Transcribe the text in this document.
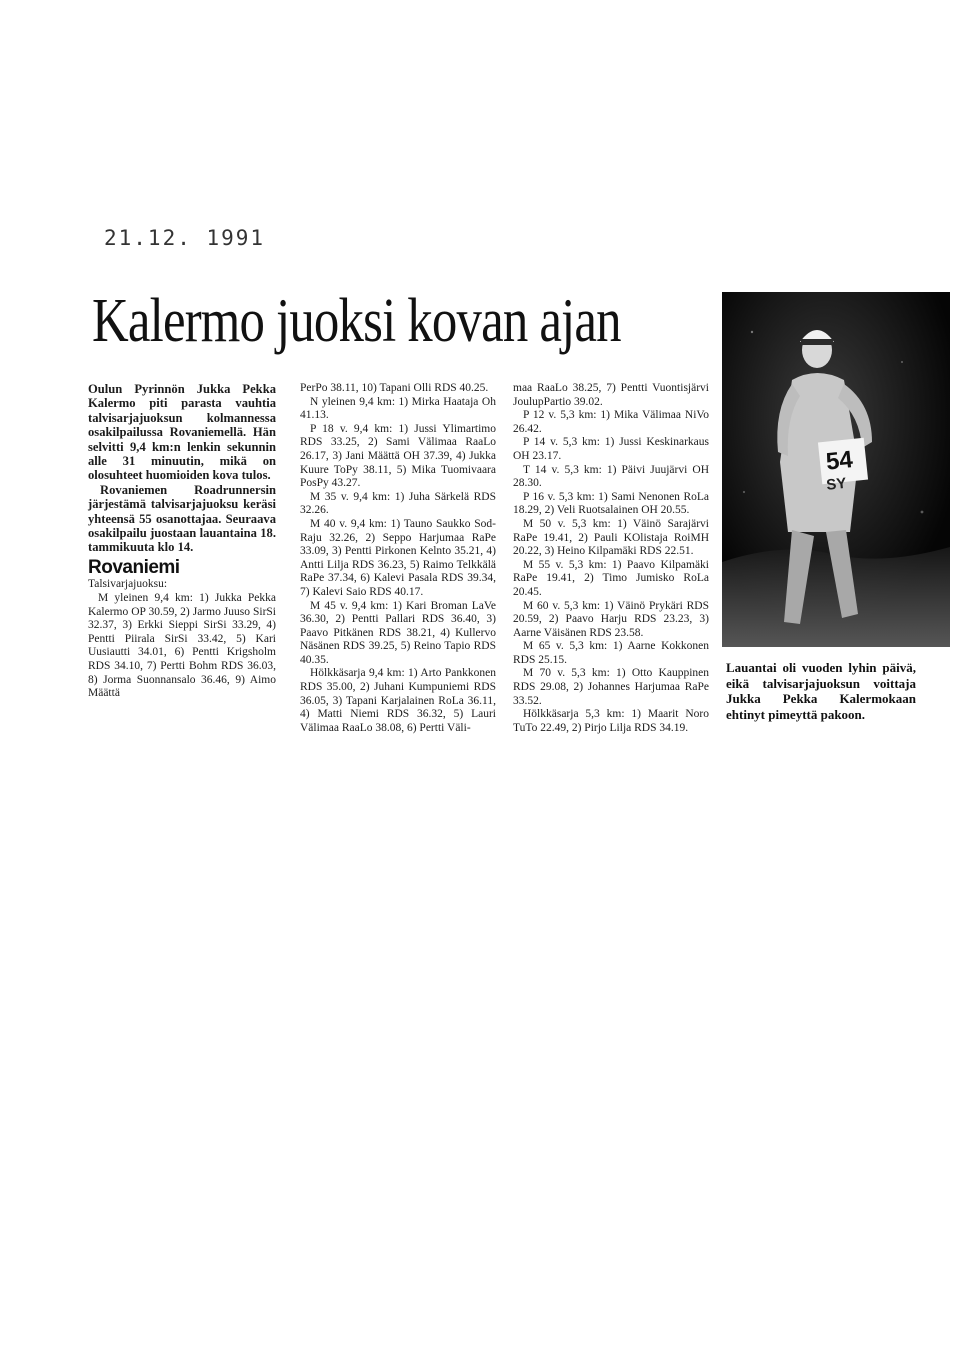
21.12. 1991
Kalermo juoksi kovan ajan

Oulun Pyrinnön Jukka Pekka Kalermo piti parasta vauhtia talvisarjajuoksun kolmannessa osakilpailussa Rovaniemellä. Hän selvitti 9,4 km:n lenkin sekunnin alle 31 minuutin, mikä on olosuhteet huomioiden kova tulos.

Rovaniemen Roadrunnersin järjestämä talvisarjajuoksu keräsi yhteensä 55 osanottajaa. Seuraava osakilpailu juostaan lauantaina 18. tammikuuta klo 14.

Rovaniemi

Talsivarjajuoksu:

M yleinen 9,4 km: 1) Jukka Pekka Kalermo OP 30.59, 2) Jarmo Juuso SirSi 32.37, 3) Erkki Sieppi SirSi 33.29, 4) Pentti Piirala SirSi 33.42, 5) Kari Uusiautti 34.01, 6) Pentti Krigsholm RDS 34.10, 7) Pertti Bohm RDS 36.03, 8) Jorma Suonnansalo 36.46, 9) Aimo Määttä

PerPo 38.11, 10) Tapani Olli RDS 40.25.

N yleinen 9,4 km: 1) Mirka Haataja Oh 41.13.

P 18 v. 9,4 km: 1) Jussi Ylimartimo RDS 33.25, 2) Sami Välimaa RaaLo 26.17, 3) Jani Määttä OH 37.39, 4) Jukka Kuure ToPy 38.11, 5) Mika Tuomivaara PosPy 43.27.

M 35 v. 9,4 km: 1) Juha Särkelä RDS 32.26.

M 40 v. 9,4 km: 1) Tauno Saukko Sod-Raju 32.26, 2) Seppo Harjumaa RaPe 33.09, 3) Pentti Pirkonen Kelnto 35.21, 4) Antti Lilja RDS 36.23, 5) Raimo Telkkälä RaPe 37.34, 6) Kalevi Pasala RDS 39.34, 7) Kalevi Saio RDS 40.17.

M 45 v. 9,4 km: 1) Kari Broman LaVe 36.30, 2) Pentti Pallari RDS 36.40, 3) Paavo Pitkänen RDS 38.21, 4) Kullervo Näsänen RDS 39.25, 5) Reino Tapio RDS 40.35.

Hölkkäsarja 9,4 km: 1) Arto Pankkonen RDS 35.00, 2) Juhani Kumpuniemi RDS 36.05, 3) Tapani Karjalainen RoLa 36.11, 4) Matti Niemi RDS 36.32, 5) Lauri Välimaa RaaLo 38.08, 6) Pertti Väli-

maa RaaLo 38.25, 7) Pentti Vuontisjärvi JoulupPartio 39.02.

P 12 v. 5,3 km: 1) Mika Välimaa NiVo 26.42.

P 14 v. 5,3 km: 1) Jussi Keskinarkaus OH 23.17.

T 14 v. 5,3 km: 1) Päivi Juujärvi OH 28.30.

P 16 v. 5,3 km: 1) Sami Nenonen RoLa 18.29, 2) Veli Ruotsalainen OH 20.55.

M 50 v. 5,3 km: 1) Väinö Sarajärvi RaPe 19.41, 2) Pauli KOlistaja RoiMH 20.22, 3) Heino Kilpamäki RDS 22.51.

M 55 v. 5,3 km: 1) Paavo Kilpamäki RaPe 19.41, 2) Timo Jumisko RoLa 20.45.

M 60 v. 5,3 km: 1) Väinö Prykäri RDS 20.59, 2) Paavo Harju RDS 23.23, 3) Aarne Väisänen RDS 23.58.

M 65 v. 5,3 km: 1) Aarne Kokkonen RDS 25.15.

M 70 v. 5,3 km: 1) Otto Kauppinen RDS 29.08, 2) Johannes Harjumaa RaPe 33.52.

Hölkkäsarja 5,3 km: 1) Maarit Noro TuTo 22.49, 2) Pirjo Lilja RDS 34.19.

54
SY
Lauantai oli vuoden lyhin päivä, eikä talvisarjajuoksun voittaja Jukka Pekka Kalermokaan ehtinyt pimeyttä pakoon.
